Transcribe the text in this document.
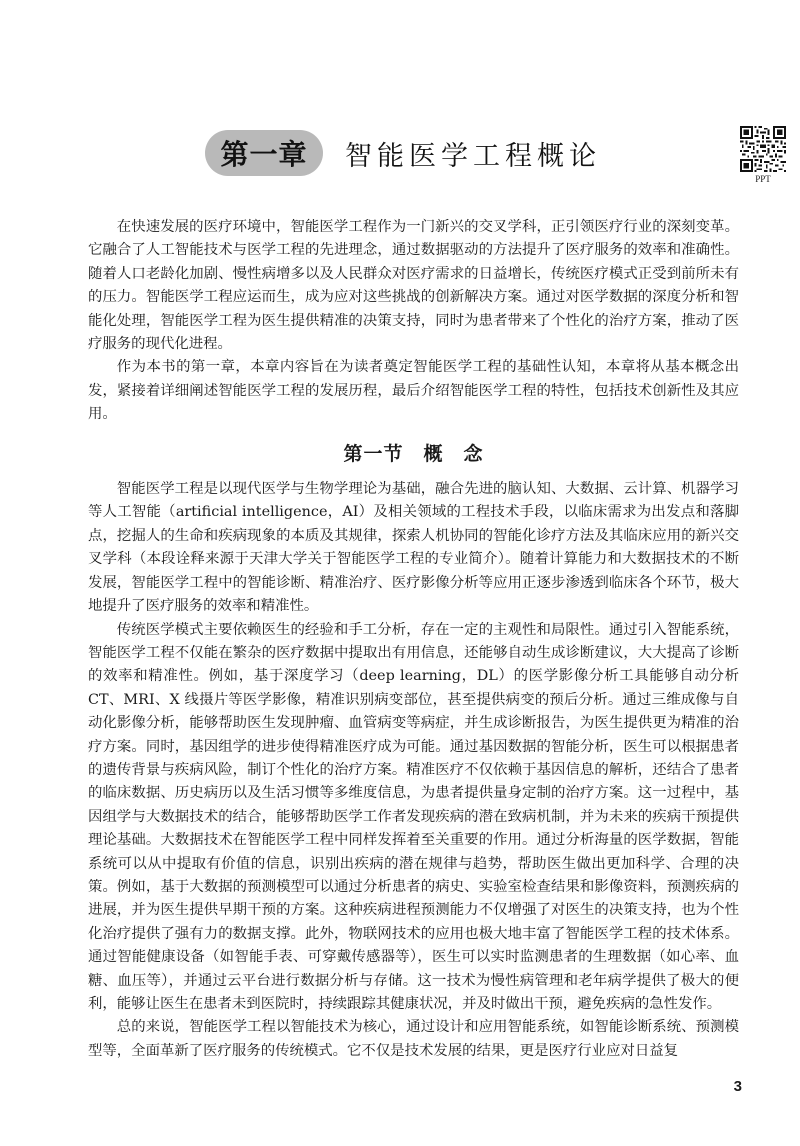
第一章 智能医学工程概论
PPT

在快速发展的医疗环境中，智能医学工程作为一门新兴的交叉学科，正引领医疗行业的深刻变革。它融合了人工智能技术与医学工程的先进理念，通过数据驱动的方法提升了医疗服务的效率和准确性。随着人口老龄化加剧、慢性病增多以及人民群众对医疗需求的日益增长，传统医疗模式正受到前所未有的压力。智能医学工程应运而生，成为应对这些挑战的创新解决方案。通过对医学数据的深度分析和智能化处理，智能医学工程为医生提供精准的决策支持，同时为患者带来了个性化的治疗方案，推动了医疗服务的现代化进程。

作为本书的第一章，本章内容旨在为读者奠定智能医学工程的基础性认知，本章将从基本概念出发，紧接着详细阐述智能医学工程的发展历程，最后介绍智能医学工程的特性，包括技术创新性及其应用。

第一节 概　念

智能医学工程是以现代医学与生物学理论为基础，融合先进的脑认知、大数据、云计算、机器学习等人工智能（artificial intelligence，AI）及相关领域的工程技术手段，以临床需求为出发点和落脚点，挖掘人的生命和疾病现象的本质及其规律，探索人机协同的智能化诊疗方法及其临床应用的新兴交叉学科（本段诠释来源于天津大学关于智能医学工程的专业简介）。随着计算能力和大数据技术的不断发展，智能医学工程中的智能诊断、精准治疗、医疗影像分析等应用正逐步渗透到临床各个环节，极大地提升了医疗服务的效率和精准性。

传统医学模式主要依赖医生的经验和手工分析，存在一定的主观性和局限性。通过引入智能系统，智能医学工程不仅能在繁杂的医疗数据中提取出有用信息，还能够自动生成诊断建议，大大提高了诊断的效率和精准性。例如，基于深度学习（deep learning，DL）的医学影像分析工具能够自动分析 CT、MRI、X 线摄片等医学影像，精准识别病变部位，甚至提供病变的预后分析。通过三维成像与自动化影像分析，能够帮助医生发现肿瘤、血管病变等病症，并生成诊断报告，为医生提供更为精准的治疗方案。同时，基因组学的进步使得精准医疗成为可能。通过基因数据的智能分析，医生可以根据患者的遗传背景与疾病风险，制订个性化的治疗方案。精准医疗不仅依赖于基因信息的解析，还结合了患者的临床数据、历史病历以及生活习惯等多维度信息，为患者提供量身定制的治疗方案。这一过程中，基因组学与大数据技术的结合，能够帮助医学工作者发现疾病的潜在致病机制，并为未来的疾病干预提供理论基础。大数据技术在智能医学工程中同样发挥着至关重要的作用。通过分析海量的医学数据，智能系统可以从中提取有价值的信息，识别出疾病的潜在规律与趋势，帮助医生做出更加科学、合理的决策。例如，基于大数据的预测模型可以通过分析患者的病史、实验室检查结果和影像资料，预测疾病的进展，并为医生提供早期干预的方案。这种疾病进程预测能力不仅增强了对医生的决策支持，也为个性化治疗提供了强有力的数据支撑。此外，物联网技术的应用也极大地丰富了智能医学工程的技术体系。通过智能健康设备（如智能手表、可穿戴传感器等），医生可以实时监测患者的生理数据（如心率、血糖、血压等），并通过云平台进行数据分析与存储。这一技术为慢性病管理和老年病学提供了极大的便利，能够让医生在患者未到医院时，持续跟踪其健康状况，并及时做出干预，避免疾病的急性发作。

总的来说，智能医学工程以智能技术为核心，通过设计和应用智能系统，如智能诊断系统、预测模型等，全面革新了医疗服务的传统模式。它不仅是技术发展的结果，更是医疗行业应对日益复

3
